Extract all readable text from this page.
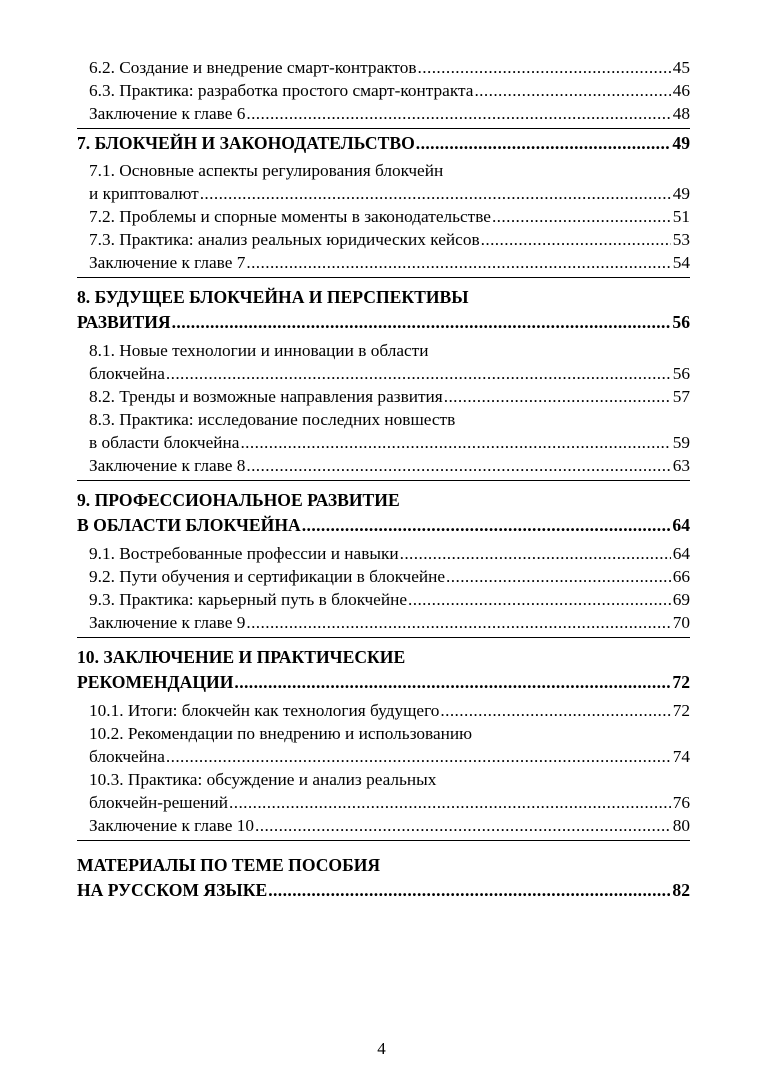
6.2. Создание и внедрение смарт-контрактов .....	45
6.3. Практика: разработка простого смарт-контракта .....	46
Заключение к главе 6 .....	48
7. БЛОКЧЕЙН И ЗАКОНОДАТЕЛЬСТВО .....	49
7.1. Основные аспекты регулирования блокчейн
и криптовалют .....	49
7.2. Проблемы и спорные моменты в законодательстве .....	51
7.3. Практика: анализ реальных юридических кейсов .....	53
Заключение к главе 7 .....	54
8. БУДУЩЕЕ БЛОКЧЕЙНА И ПЕРСПЕКТИВЫ
РАЗВИТИЯ .....	56
8.1. Новые технологии и инновации в области
блокчейна .....	56
8.2. Тренды и возможные направления развития .....	57
8.3. Практика: исследование последних новшеств
в области блокчейна .....	59
Заключение к главе 8 .....	63
9. ПРОФЕССИОНАЛЬНОЕ РАЗВИТИЕ
В ОБЛАСТИ БЛОКЧЕЙНА .....	64
9.1. Востребованные профессии и навыки .....	64
9.2. Пути обучения и сертификации в блокчейне .....	66
9.3. Практика: карьерный путь в блокчейне .....	69
Заключение к главе 9 .....	70
10. ЗАКЛЮЧЕНИЕ И ПРАКТИЧЕСКИЕ
РЕКОМЕНДАЦИИ .....	72
10.1. Итоги: блокчейн как технология будущего .....	72
10.2. Рекомендации по внедрению и использованию
блокчейна .....	74
10.3. Практика: обсуждение и анализ реальных
блокчейн-решений .....	76
Заключение к главе 10 .....	80
МАТЕРИАЛЫ ПО ТЕМЕ ПОСОБИЯ
НА РУССКОМ ЯЗЫКЕ .....	82
4
